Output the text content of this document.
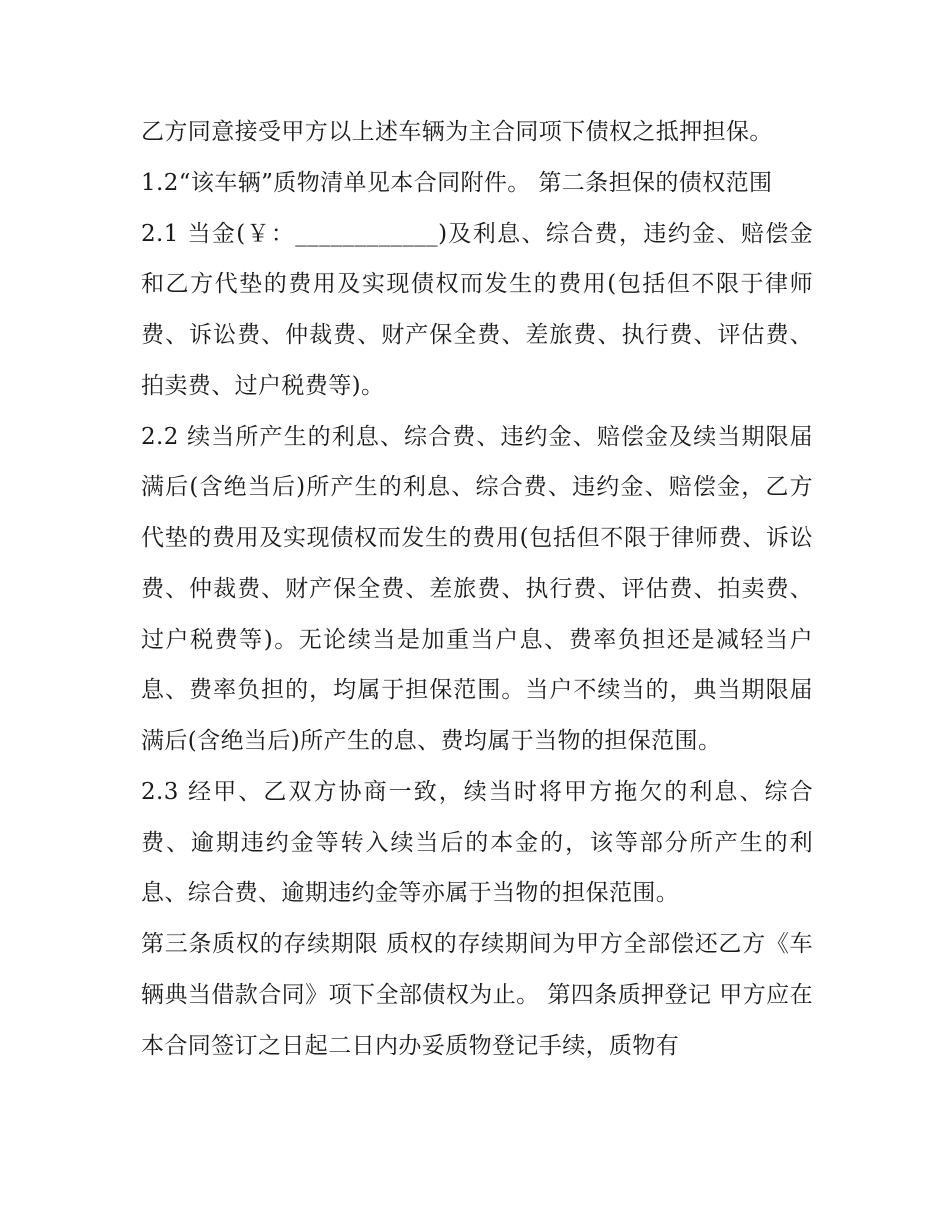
乙方同意接受甲方以上述车辆为主合同项下债权之抵押担保。

1.2“该车辆”质物清单见本合同附件。 第二条担保的债权范围

2.1 当金(￥：____________)及利息、综合费，违约金、赔偿金和乙方代垫的费用及实现债权而发生的费用(包括但不限于律师费、诉讼费、仲裁费、财产保全费、差旅费、执行费、评估费、拍卖费、过户税费等)。

2.2 续当所产生的利息、综合费、违约金、赔偿金及续当期限届满后(含绝当后)所产生的利息、综合费、违约金、赔偿金，乙方代垫的费用及实现债权而发生的费用(包括但不限于律师费、诉讼费、仲裁费、财产保全费、差旅费、执行费、评估费、拍卖费、过户税费等)。无论续当是加重当户息、费率负担还是减轻当户息、费率负担的，均属于担保范围。当户不续当的，典当期限届满后(含绝当后)所产生的息、费均属于当物的担保范围。

2.3 经甲、乙双方协商一致，续当时将甲方拖欠的利息、综合费、逾期违约金等转入续当后的本金的，该等部分所产生的利息、综合费、逾期违约金等亦属于当物的担保范围。

第三条质权的存续期限 质权的存续期间为甲方全部偿还乙方《车辆典当借款合同》项下全部债权为止。 第四条质押登记 甲方应在本合同签订之日起二日内办妥质物登记手续，质物有
